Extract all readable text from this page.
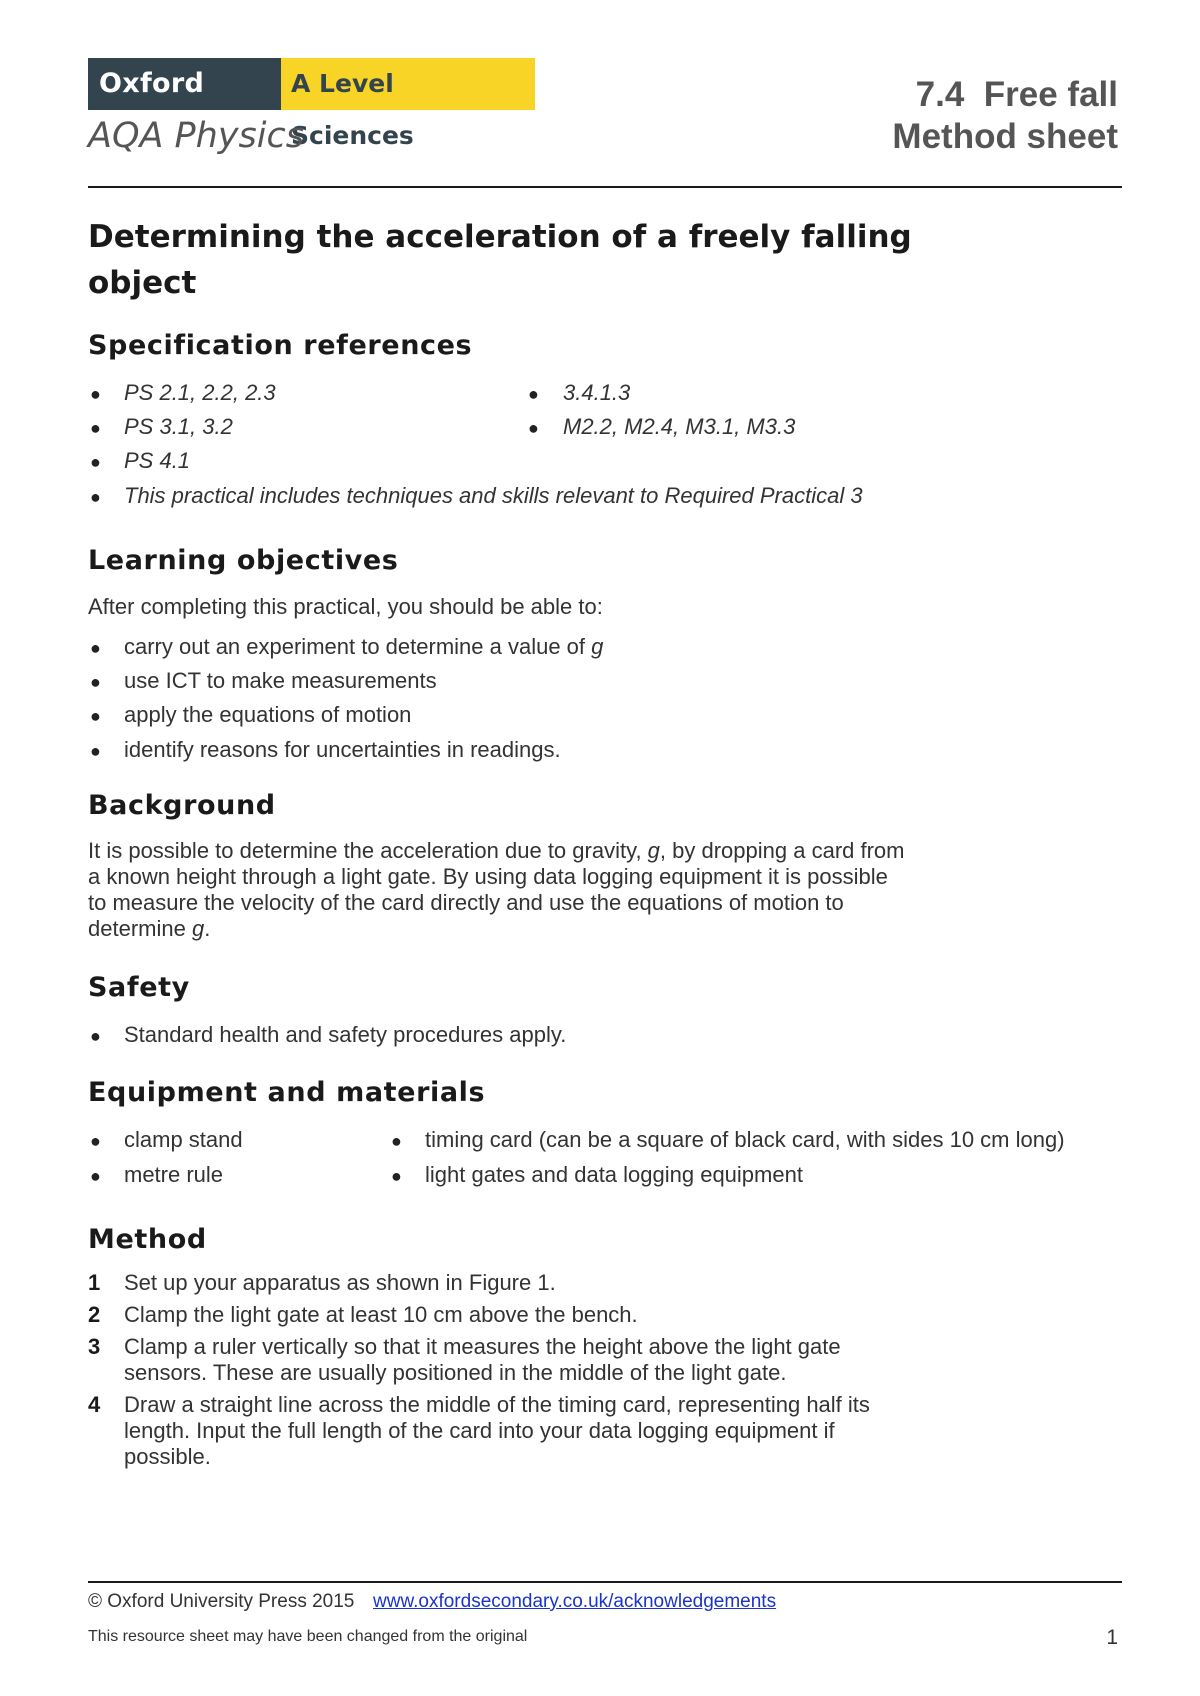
Oxford	A Level Sciences
AQA Physics
7.4  Free fall
Method sheet
Determining the acceleration of a freely falling object
Specification references
● PS 2.1, 2.2, 2.3
● PS 3.1, 3.2
● PS 4.1
● This practical includes techniques and skills relevant to Required Practical 3
● 3.4.1.3
● M2.2, M2.4, M3.1, M3.3
Learning objectives
After completing this practical, you should be able to:
● carry out an experiment to determine a value of g
● use ICT to make measurements
● apply the equations of motion
● identify reasons for uncertainties in readings.
Background
It is possible to determine the acceleration due to gravity, g, by dropping a card from
a known height through a light gate. By using data logging equipment it is possible
to measure the velocity of the card directly and use the equations of motion to
determine g.
Safety
● Standard health and safety procedures apply.
Equipment and materials
● clamp stand
● metre rule
● timing card (can be a square of black card, with sides 10 cm long)
● light gates and data logging equipment
Method
1 Set up your apparatus as shown in Figure 1.
2 Clamp the light gate at least 10 cm above the bench.
3 Clamp a ruler vertically so that it measures the height above the light gate sensors. These are usually positioned in the middle of the light gate.
4 Draw a straight line across the middle of the timing card, representing half its length. Input the full length of the card into your data logging equipment if possible.
© Oxford University Press 2015 www.oxfordsecondary.co.uk/acknowledgements
This resource sheet may have been changed from the original	1
